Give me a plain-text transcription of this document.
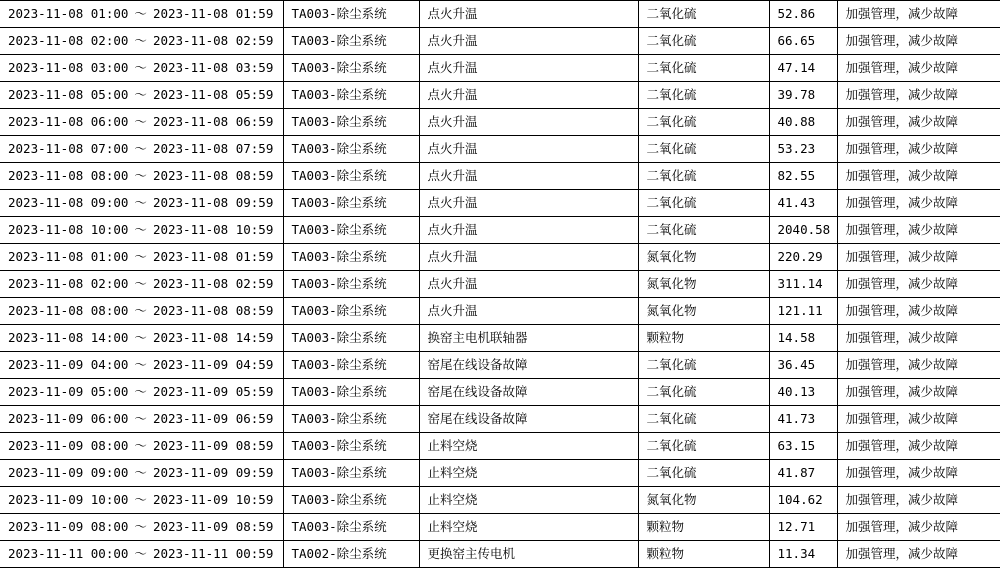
2023-11-08 01:00 ～ 2023-11-08 01:59	TA003-除尘系统	点火升温	二氧化硫	52.86	加强管理，减少故障
2023-11-08 02:00 ～ 2023-11-08 02:59	TA003-除尘系统	点火升温	二氧化硫	66.65	加强管理，减少故障
2023-11-08 03:00 ～ 2023-11-08 03:59	TA003-除尘系统	点火升温	二氧化硫	47.14	加强管理，减少故障
2023-11-08 05:00 ～ 2023-11-08 05:59	TA003-除尘系统	点火升温	二氧化硫	39.78	加强管理，减少故障
2023-11-08 06:00 ～ 2023-11-08 06:59	TA003-除尘系统	点火升温	二氧化硫	40.88	加强管理，减少故障
2023-11-08 07:00 ～ 2023-11-08 07:59	TA003-除尘系统	点火升温	二氧化硫	53.23	加强管理，减少故障
2023-11-08 08:00 ～ 2023-11-08 08:59	TA003-除尘系统	点火升温	二氧化硫	82.55	加强管理，减少故障
2023-11-08 09:00 ～ 2023-11-08 09:59	TA003-除尘系统	点火升温	二氧化硫	41.43	加强管理，减少故障
2023-11-08 10:00 ～ 2023-11-08 10:59	TA003-除尘系统	点火升温	二氧化硫	2040.58	加强管理，减少故障
2023-11-08 01:00 ～ 2023-11-08 01:59	TA003-除尘系统	点火升温	氮氧化物	220.29	加强管理，减少故障
2023-11-08 02:00 ～ 2023-11-08 02:59	TA003-除尘系统	点火升温	氮氧化物	311.14	加强管理，减少故障
2023-11-08 08:00 ～ 2023-11-08 08:59	TA003-除尘系统	点火升温	氮氧化物	121.11	加强管理，减少故障
2023-11-08 14:00 ～ 2023-11-08 14:59	TA003-除尘系统	换窑主电机联轴器	颗粒物	14.58	加强管理，减少故障
2023-11-09 04:00 ～ 2023-11-09 04:59	TA003-除尘系统	窑尾在线设备故障	二氧化硫	36.45	加强管理，减少故障
2023-11-09 05:00 ～ 2023-11-09 05:59	TA003-除尘系统	窑尾在线设备故障	二氧化硫	40.13	加强管理，减少故障
2023-11-09 06:00 ～ 2023-11-09 06:59	TA003-除尘系统	窑尾在线设备故障	二氧化硫	41.73	加强管理，减少故障
2023-11-09 08:00 ～ 2023-11-09 08:59	TA003-除尘系统	止料空烧	二氧化硫	63.15	加强管理，减少故障
2023-11-09 09:00 ～ 2023-11-09 09:59	TA003-除尘系统	止料空烧	二氧化硫	41.87	加强管理，减少故障
2023-11-09 10:00 ～ 2023-11-09 10:59	TA003-除尘系统	止料空烧	氮氧化物	104.62	加强管理，减少故障
2023-11-09 08:00 ～ 2023-11-09 08:59	TA003-除尘系统	止料空烧	颗粒物	12.71	加强管理，减少故障
2023-11-11 00:00 ～ 2023-11-11 00:59	TA002-除尘系统	更换窑主传电机	颗粒物	11.34	加强管理，减少故障
